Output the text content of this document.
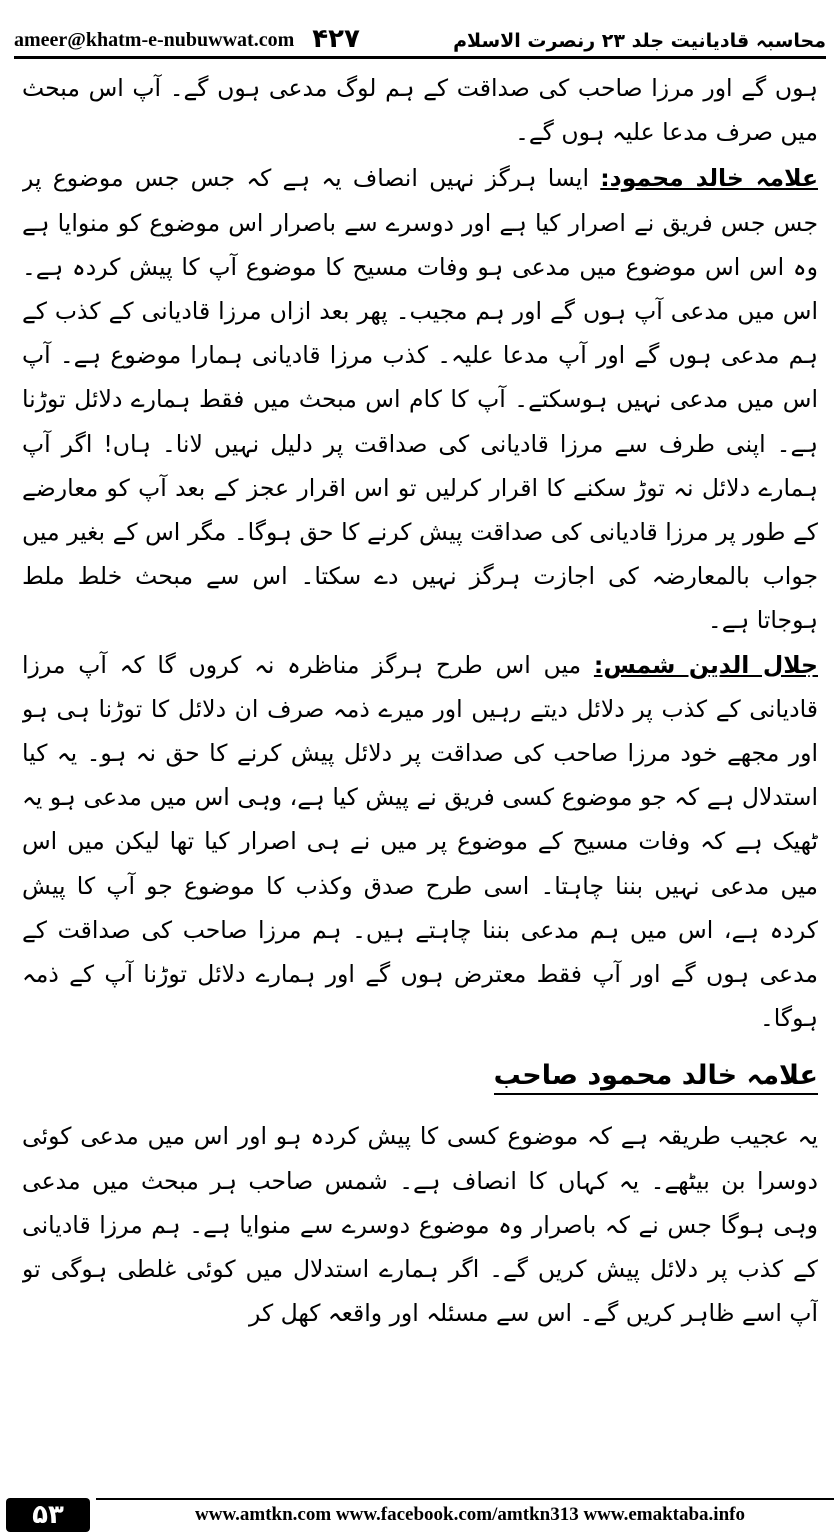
ameer@khatm-e-nubuwwat.com ۴۲۷	محاسبہ قادیانیت جلد ۲۳ رنصرت الاسلام

ہوں گے اور مرزا صاحب کی صداقت کے ہم لوگ مدعی ہوں گے۔ آپ اس مبحث میں صرف مدعا علیہ ہوں گے۔

علامہ خالد محمود: ایسا ہرگز نہیں انصاف یہ ہے کہ جس جس موضوع پر جس جس فریق نے اصرار کیا ہے اور دوسرے سے باصرار اس موضوع کو منوایا ہے وہ اس اس موضوع میں مدعی ہو وفات مسیح کا موضوع آپ کا پیش کردہ ہے۔ اس میں مدعی آپ ہوں گے اور ہم مجیب۔ پھر بعد ازاں مرزا قادیانی کے کذب کے ہم مدعی ہوں گے اور آپ مدعا علیہ۔ کذب مرزا قادیانی ہمارا موضوع ہے۔ آپ اس میں مدعی نہیں ہوسکتے۔ آپ کا کام اس مبحث میں فقط ہمارے دلائل توڑنا ہے۔ اپنی طرف سے مرزا قادیانی کی صداقت پر دلیل نہیں لانا۔ ہاں! اگر آپ ہمارے دلائل نہ توڑ سکنے کا اقرار کرلیں تو اس اقرار عجز کے بعد آپ کو معارضے کے طور پر مرزا قادیانی کی صداقت پیش کرنے کا حق ہوگا۔ مگر اس کے بغیر میں جواب بالمعارضہ کی اجازت ہرگز نہیں دے سکتا۔ اس سے مبحث خلط ملط ہوجاتا ہے۔

جلال الدین شمس: میں اس طرح ہرگز مناظرہ نہ کروں گا کہ آپ مرزا قادیانی کے کذب پر دلائل دیتے رہیں اور میرے ذمہ صرف ان دلائل کا توڑنا ہی ہو اور مجھے خود مرزا صاحب کی صداقت پر دلائل پیش کرنے کا حق نہ ہو۔ یہ کیا استدلال ہے کہ جو موضوع کسی فریق نے پیش کیا ہے، وہی اس میں مدعی ہو یہ ٹھیک ہے کہ وفات مسیح کے موضوع پر میں نے ہی اصرار کیا تھا لیکن میں اس میں مدعی نہیں بننا چاہتا۔ اسی طرح صدق وکذب کا موضوع جو آپ کا پیش کردہ ہے، اس میں ہم مدعی بننا چاہتے ہیں۔ ہم مرزا صاحب کی صداقت کے مدعی ہوں گے اور آپ فقط معترض ہوں گے اور ہمارے دلائل توڑنا آپ کے ذمہ ہوگا۔

علامہ خالد محمود صاحب

یہ عجیب طریقہ ہے کہ موضوع کسی کا پیش کردہ ہو اور اس میں مدعی کوئی دوسرا بن بیٹھے۔ یہ کہاں کا انصاف ہے۔ شمس صاحب ہر مبحث میں مدعی وہی ہوگا جس نے کہ باصرار وہ موضوع دوسرے سے منوایا ہے۔ ہم مرزا قادیانی کے کذب پر دلائل پیش کریں گے۔ اگر ہمارے استدلال میں کوئی غلطی ہوگی تو آپ اسے ظاہر کریں گے۔ اس سے مسئلہ اور واقعہ کھل کر

۵۳	www.amtkn.com www.facebook.com/amtkn313 www.emaktaba.info
